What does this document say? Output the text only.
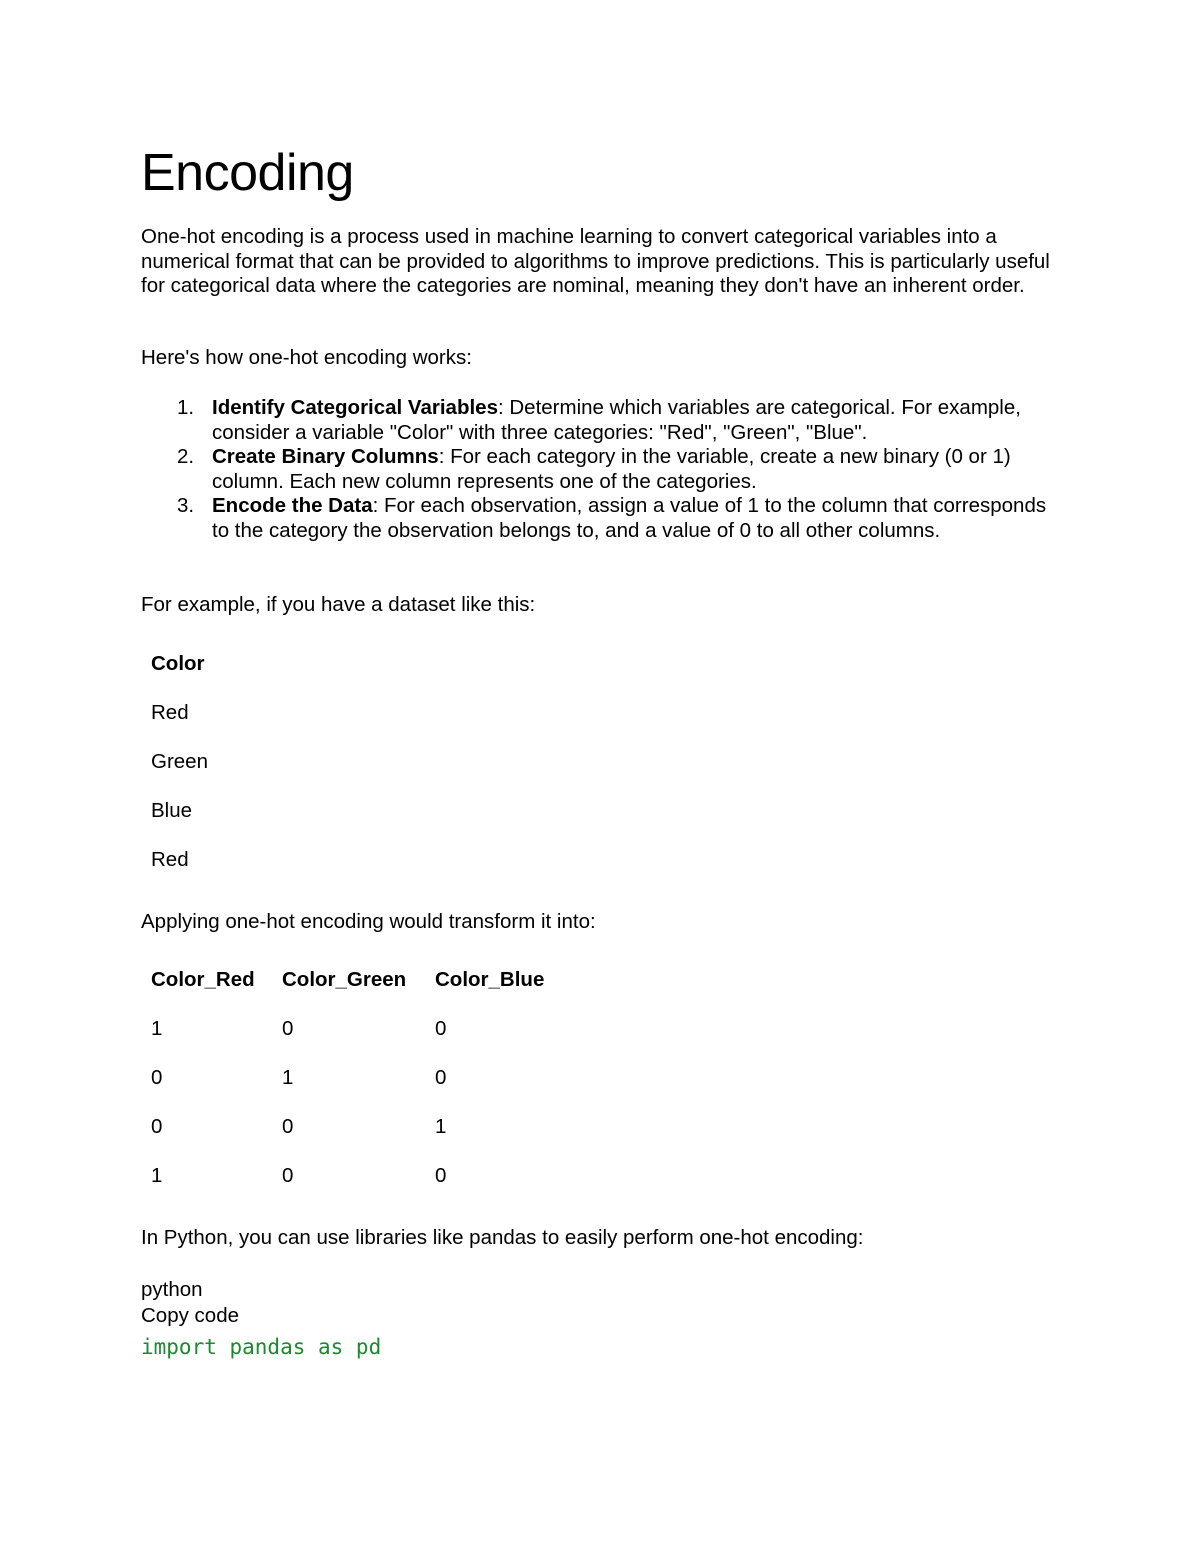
Encoding

One-hot encoding is a process used in machine learning to convert categorical variables into a numerical format that can be provided to algorithms to improve predictions. This is particularly useful for categorical data where the categories are nominal, meaning they don't have an inherent order.

Here's how one-hot encoding works:

1. Identify Categorical Variables: Determine which variables are categorical. For example, consider a variable "Color" with three categories: "Red", "Green", "Blue".
2. Create Binary Columns: For each category in the variable, create a new binary (0 or 1) column. Each new column represents one of the categories.
3. Encode the Data: For each observation, assign a value of 1 to the column that corresponds to the category the observation belongs to, and a value of 0 to all other columns.

For example, if you have a dataset like this:

Color
Red
Green
Blue
Red

Applying one-hot encoding would transform it into:

Color_Red	Color_Green	Color_Blue
1	0	0
0	1	0
0	0	1
1	0	0

In Python, you can use libraries like pandas to easily perform one-hot encoding:

python
Copy code
import pandas as pd
